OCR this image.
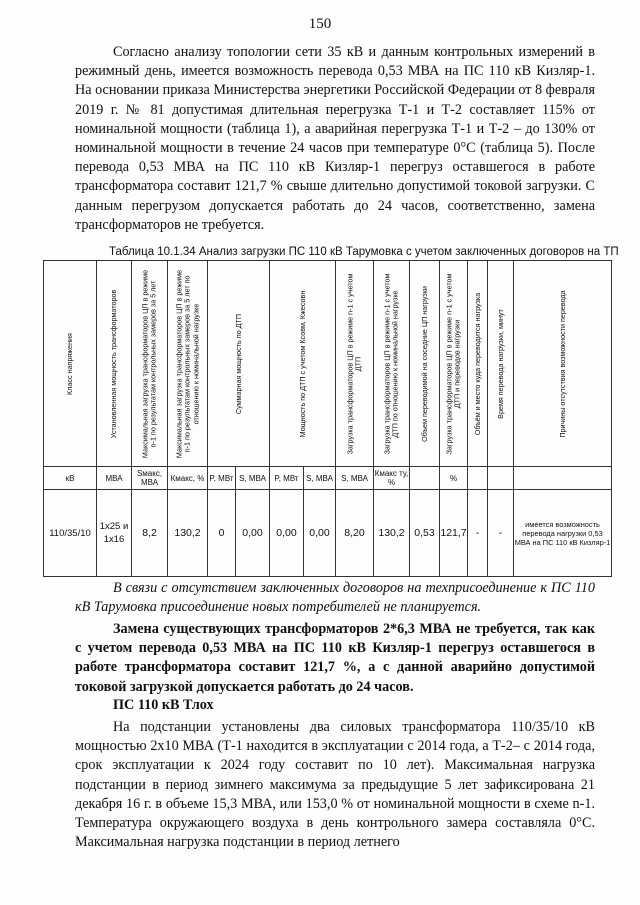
150

Согласно анализу топологии сети 35 кВ и данным контрольных измерений в режимный день, имеется возможность перевода 0,53 МВА на ПС 110 кВ Кизляр-1. На основании приказа Министерства энергетики Российской Федерации от 8 февраля 2019 г. № 81 допустимая длительная перегрузка Т-1 и Т-2 составляет 115% от номинальной мощности (таблица 1), а аварийная перегрузка Т-1 и Т-2 – до 130% от номинальной мощности в течение 24 часов при температуре 0°С (таблица 5). После перевода 0,53 МВА на ПС 110 кВ Кизляр-1 перегруз оставшегося в работе трансформатора составит 121,7 % свыше длительно допустимой токовой загрузки. С данным перегрузом допускается работать до 24 часов, соответственно, замена трансформаторов не требуется.

Таблица 10.1.34 Анализ загрузки ПС 110 кВ Тарумовка с учетом заключенных договоров на ТП
Класс напряжения	Установленная мощность трансформаторов	Максимальная загрузка трансформаторов ЦП в режиме n-1 по результатам контрольных замеров за 5 лет	Максимальная загрузка трансформаторов ЦП в режиме n-1 по результатам контрольных замеров за 5 лет по отношению к номинальной нагрузке	Суммарная мощность по ДТП		Мощность по ДТП с учетом Ксовм, Кжесовн		Загрузка трансформаторов ЦП в режиме n-1 с учетом ДТП	Загрузка трансформаторов ЦП в режиме n-1 с учетом ДТП по отношению к номинальной нагрузке	Объем переводимой на соседние ЦП нагрузки	Загрузка трансформаторов ЦП в режиме n-1 с учетом ДТП и переводов нагрузки	Объём и место куда переводится нагрузка	Время перевода нагрузки, минут	Причины отсутствия возможности перевода

кВ	МВА	Sмакс, МВА	Кмакс, %	P, МВт	S, МВА	P, МВт	S, МВА	S, МВА	Кмакс ту, %		%			
110/35/10	1x25 и 1x16	8,2	130,2	0	0,00	0,00	0,00	8,20	130,2	0,53	121,7	-	-	имеется возможность перевода нагрузки 0,53 МВА на ПС 110 кВ Кизляр-1

В связи с отсутствием заключенных договоров на техприсоединение к ПС 110 кВ Тарумовка присоединение новых потребителей не планируется.

Замена существующих трансформаторов 2*6,3 МВА не требуется, так как с учетом перевода 0,53 МВА на ПС 110 кВ Кизляр-1 перегруз оставшегося в работе трансформатора составит 121,7 %, а с данной аварийно допустимой токовой загрузкой допускается работать до 24 часов.

ПС 110 кВ Тлох

На подстанции установлены два силовых трансформатора 110/35/10 кВ мощностью 2х10 МВА (Т-1 находится в эксплуатации с 2014 года, а Т-2– с 2014 года, срок эксплуатации к 2024 году составит по 10 лет). Максимальная нагрузка подстанции в период зимнего максимума за предыдущие 5 лет зафиксирована 21 декабря 16 г. в объеме 15,3 МВА, или 153,0 % от номинальной мощности в схеме n-1. Температура окружающего воздуха в день контрольного замера составляла 0°С. Максимальная нагрузка подстанции в период летнего
